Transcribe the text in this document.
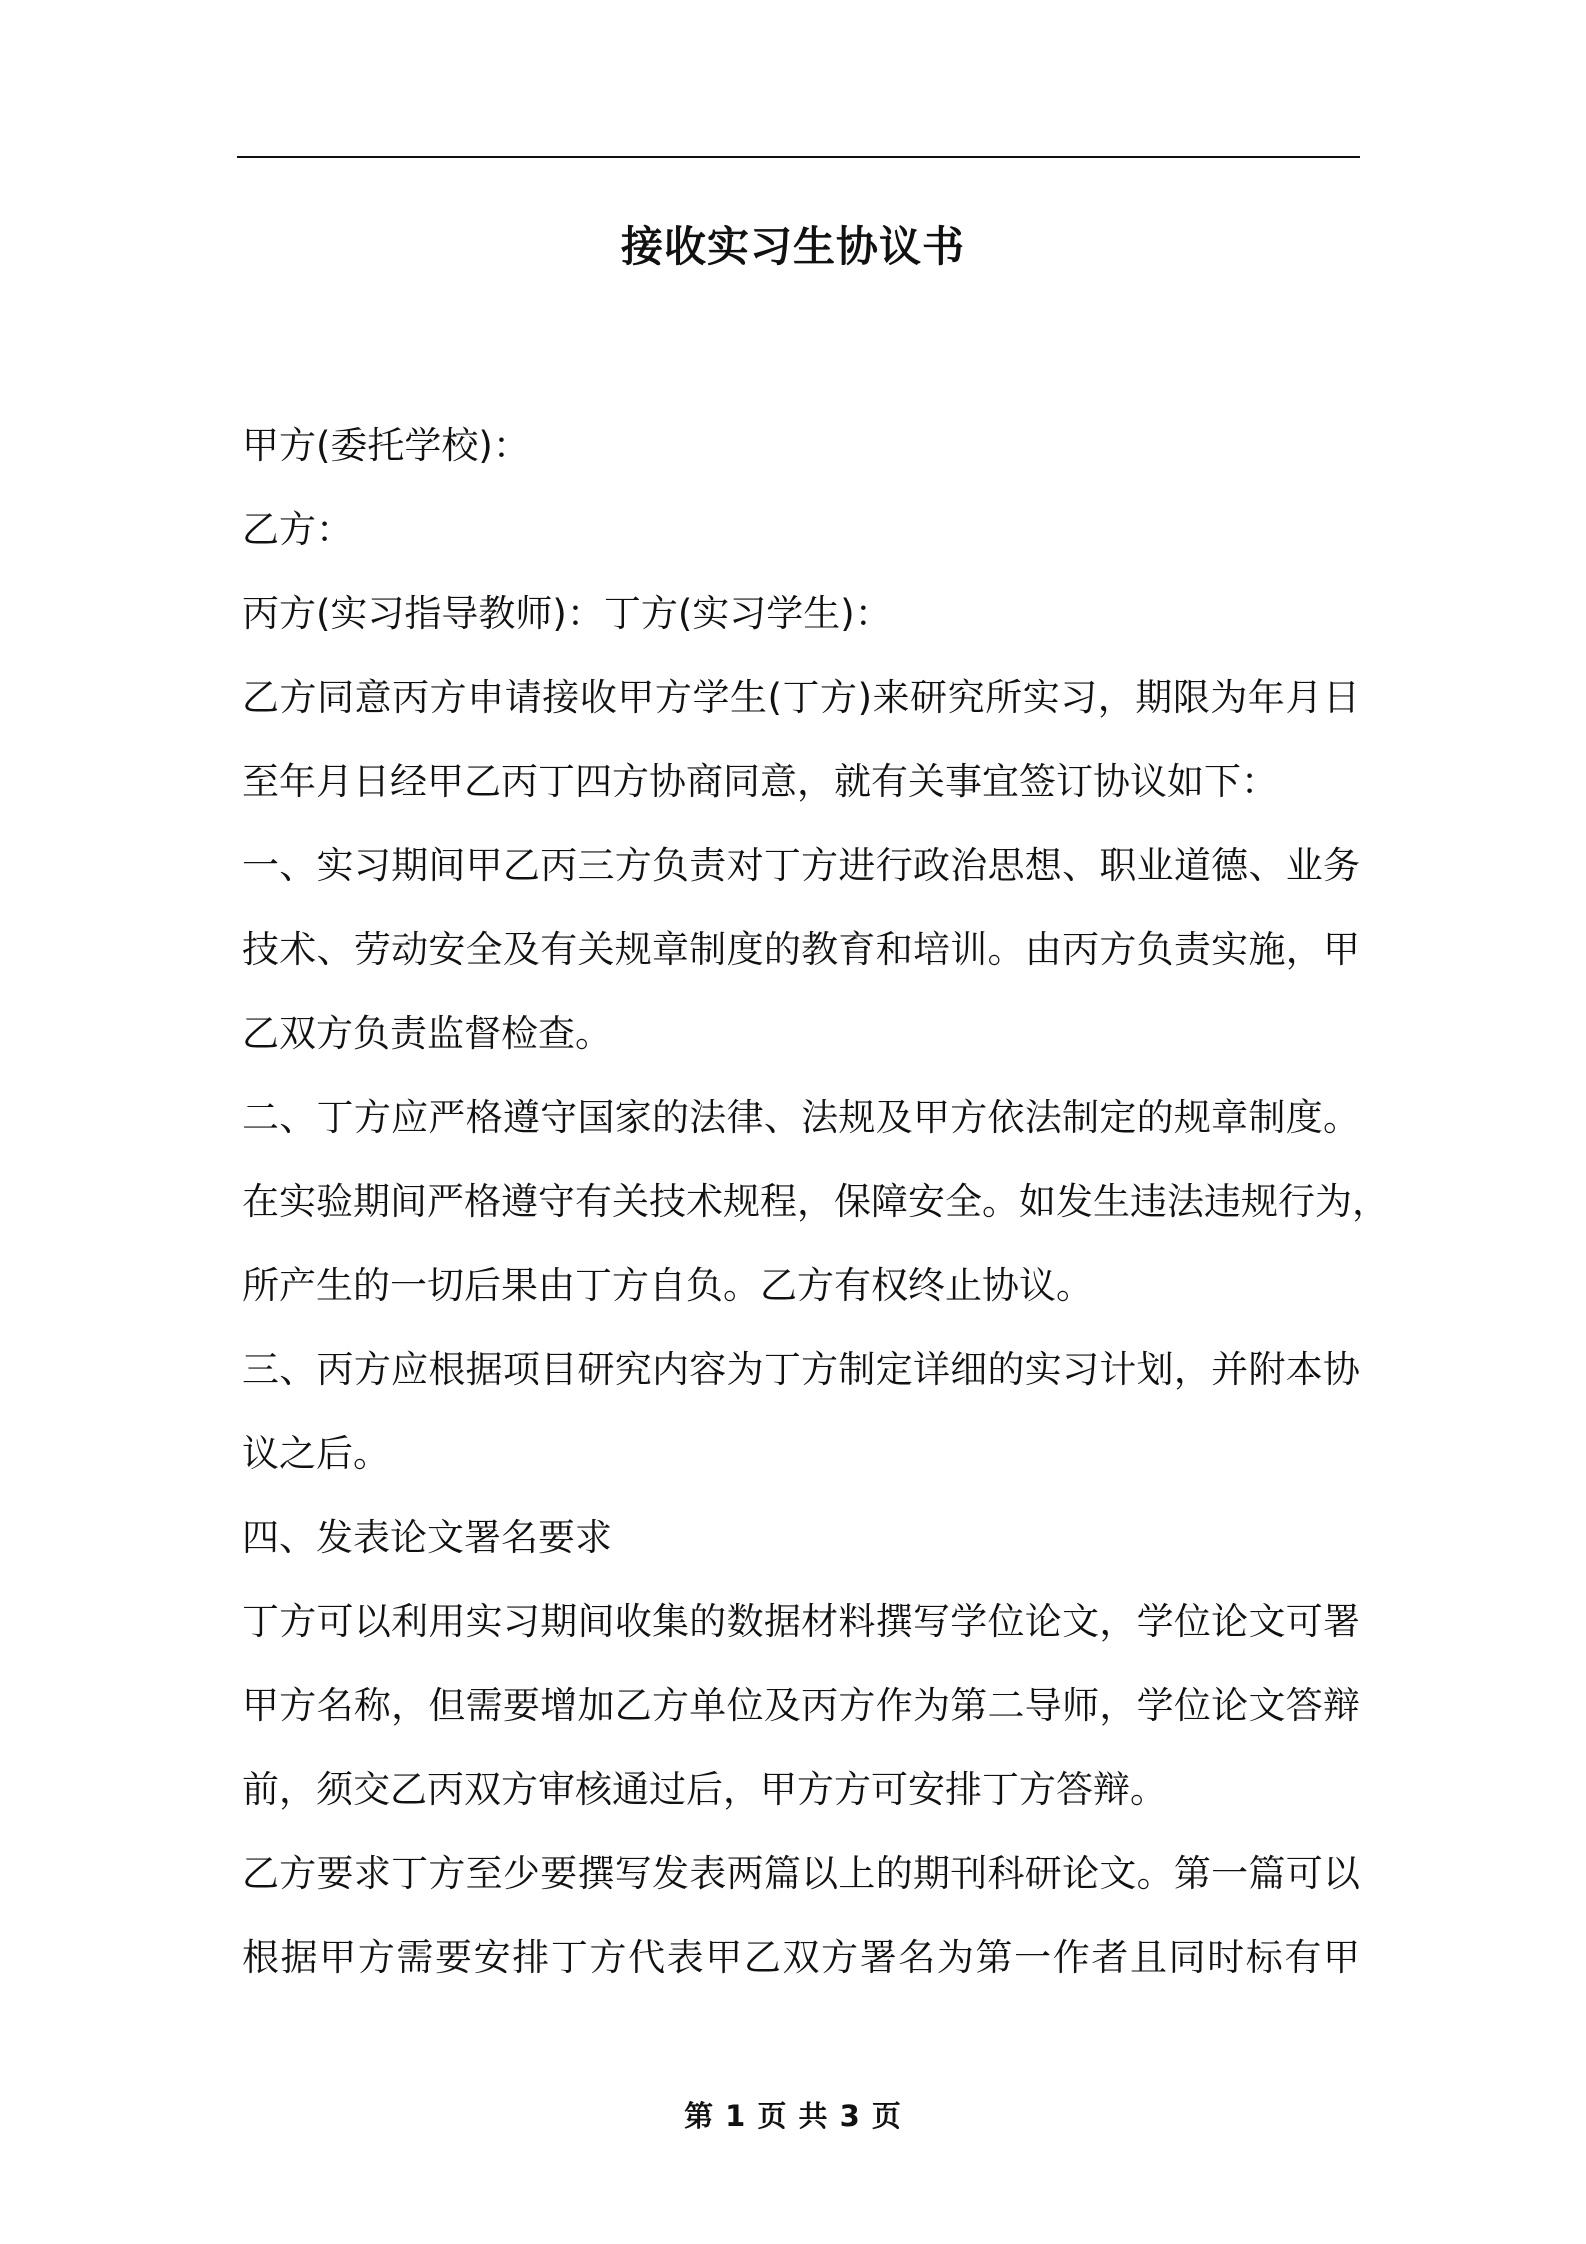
接收实习生协议书
甲方(委托学校)：
乙方：
丙方(实习指导教师)：丁方(实习学生)：
乙方同意丙方申请接收甲方学生(丁方)来研究所实习，期限为年月日
至年月日经甲乙丙丁四方协商同意，就有关事宜签订协议如下：
一、实习期间甲乙丙三方负责对丁方进行政治思想、职业道德、业务
技术、劳动安全及有关规章制度的教育和培训。由丙方负责实施，甲
乙双方负责监督检查。
二、丁方应严格遵守国家的法律、法规及甲方依法制定的规章制度。
在实验期间严格遵守有关技术规程，保障安全。如发生违法违规行为，
所产生的一切后果由丁方自负。乙方有权终止协议。
三、丙方应根据项目研究内容为丁方制定详细的实习计划，并附本协
议之后。
四、发表论文署名要求
丁方可以利用实习期间收集的数据材料撰写学位论文，学位论文可署
甲方名称，但需要增加乙方单位及丙方作为第二导师，学位论文答辩
前，须交乙丙双方审核通过后，甲方方可安排丁方答辩。
乙方要求丁方至少要撰写发表两篇以上的期刊科研论文。第一篇可以
根据甲方需要安排丁方代表甲乙双方署名为第一作者且同时标有甲
第 1 页 共 3 页
